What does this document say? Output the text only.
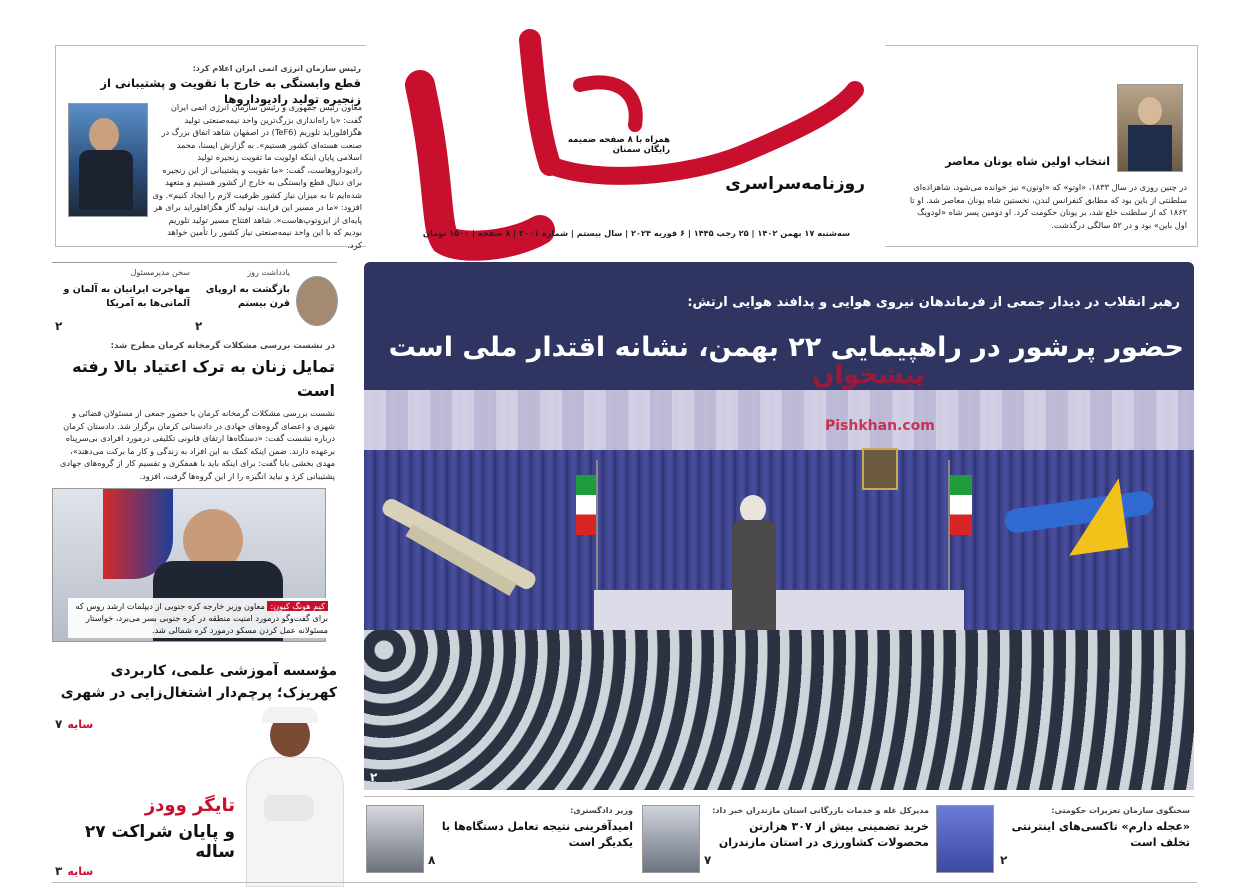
رئیس سازمان انرژی اتمی ایران اعلام کرد:
قطع وابستگی به خارج با تقویت و پشتیبانی از زنجیره تولید رادیوداروها
معاون رئیس جمهوری و رئیس سازمان انرژی اتمی ایران گفت: «با راه‌اندازی بزرگ‌ترین واحد نیمه‌صنعتی تولید هگزافلوراید تلوریم (TeF6) در اصفهان شاهد اتفاق بزرگ در صنعت هسته‌ای کشور هستیم». به گزارش ایسنا، محمد اسلامی پایان اینکه اولویت ما تقویت زنجیره تولید رادیوداروهاست، گفت: «ما تقویت و پشتیبانی از این زنجیره برای دنبال قطع وابستگی به خارج از کشور هستیم و متعهد شده‌ایم تا به میزان نیاز کشور ظرفیت لازم را ایجاد کنیم». وی افزود: «ما در مسیر این فرایند، تولید گاز هگزافلوراید برای هر پایه‌ای از ایزوتوپ‌هاست». شاهد افتتاح مسیر تولید تلوریم بودیم که با این واحد نیمه‌صنعتی نیاز کشور را تأمین خواهد کرد.
همراه با ۸ صفحه ضمیمه رایگان سمنان
روزنامه‌سراسری
سه‌شنبه ۱۷ بهمن ۱۴۰۲ | ۲۵ رجب ۱۴۴۵ | ۶ فوریه ۲۰۲۴ | سال بیستم | شماره ۳۰۰۱ | ۸ صفحه | ۱۵۰۰ تومان
انتخاب اولین شاه یونان معاصر
در چنین روزی در سال ۱۸۳۳، «اوتو» که «اوتون» نیز خوانده می‌شود، شاهزاده‌ای سلطنتی از باین بود که مطابق کنفرانس لندن، نخستین شاه یونان معاصر شد. او تا ۱۸۶۲ که از سلطنت خلع شد، بر یونان حکومت کرد. او دومین پسر شاه «لودویگ اول باین» بود و در ۵۲ سالگی درگذشت.
سخن مدیرمسئول
مهاجرت ایرانیان به آلمان و آلمانی‌ها به آمریکا
۲
یادداشت روز
بازگشت به اروپای قرن بیستم
۲
در نشست بررسی مشکلات گرمخانه کرمان مطرح شد:
تمایل زنان به ترک اعتیاد بالا رفته است
نشست بررسی مشکلات گرمخانه کرمان با حضور جمعی از مسئولان قضائی و شهری و اعضای گروه‌های جهادی در دادستانی کرمان برگزار شد. دادستان کرمان درباره نشست گفت: «دستگاه‌ها ارتقای قانونی تکلیفی درمورد افرادی بی‌سرپناه برعهده دارند. ضمن اینکه کمک به این افراد به زندگی و کار ما برکت می‌دهند»، مهدی بخشی بابا گفت: برای اینکه باید با همفکری و تقسیم کار از گروه‌های جهادی پشتیبانی کرد و نباید انگیزه را از این گروه‌ها گرفت، افزود.
کیم هونگ کیون: معاون وزیر خارجه کره جنوبی از دیپلمات ارشد روس که برای گفت‌وگو درمورد امنیت منطقه در کره جنوبی بسر می‌برد، خواستار مسئولانه عمل کردن مسکو درمورد کره شمالی شد.
مؤسسه آموزشی علمی، کاربردی کهریزک؛ پرچم‌دار اشتغال‌زایی در شهری
سایه ۷
تایگر وودز
و پایان شراکت ۲۷ ساله
سایه ۳
رهبر انقلاب در دیدار جمعی از فرماندهان نیروی هوایی و پدافند هوایی ارتش:
حضور پرشور در راهپیمایی ۲۲ بهمن، نشانه اقتدار ملی است
۲
پیشخوان
Pishkhan.com
سخنگوی سازمان تعزیرات حکومتی:
«عجله دارم» تاکسی‌های اینترنتی تخلف است
۲
مدیرکل غله و خدمات بازرگانی استان مازندران خبر داد:
خرید تضمینی بیش از ۳۰۷ هزارتن محصولات کشاورزی در استان مازندران
۷
وزیر دادگستری:
امیدآفرینی نتیجه تعامل دستگاه‌ها با یکدیگر است
۸
